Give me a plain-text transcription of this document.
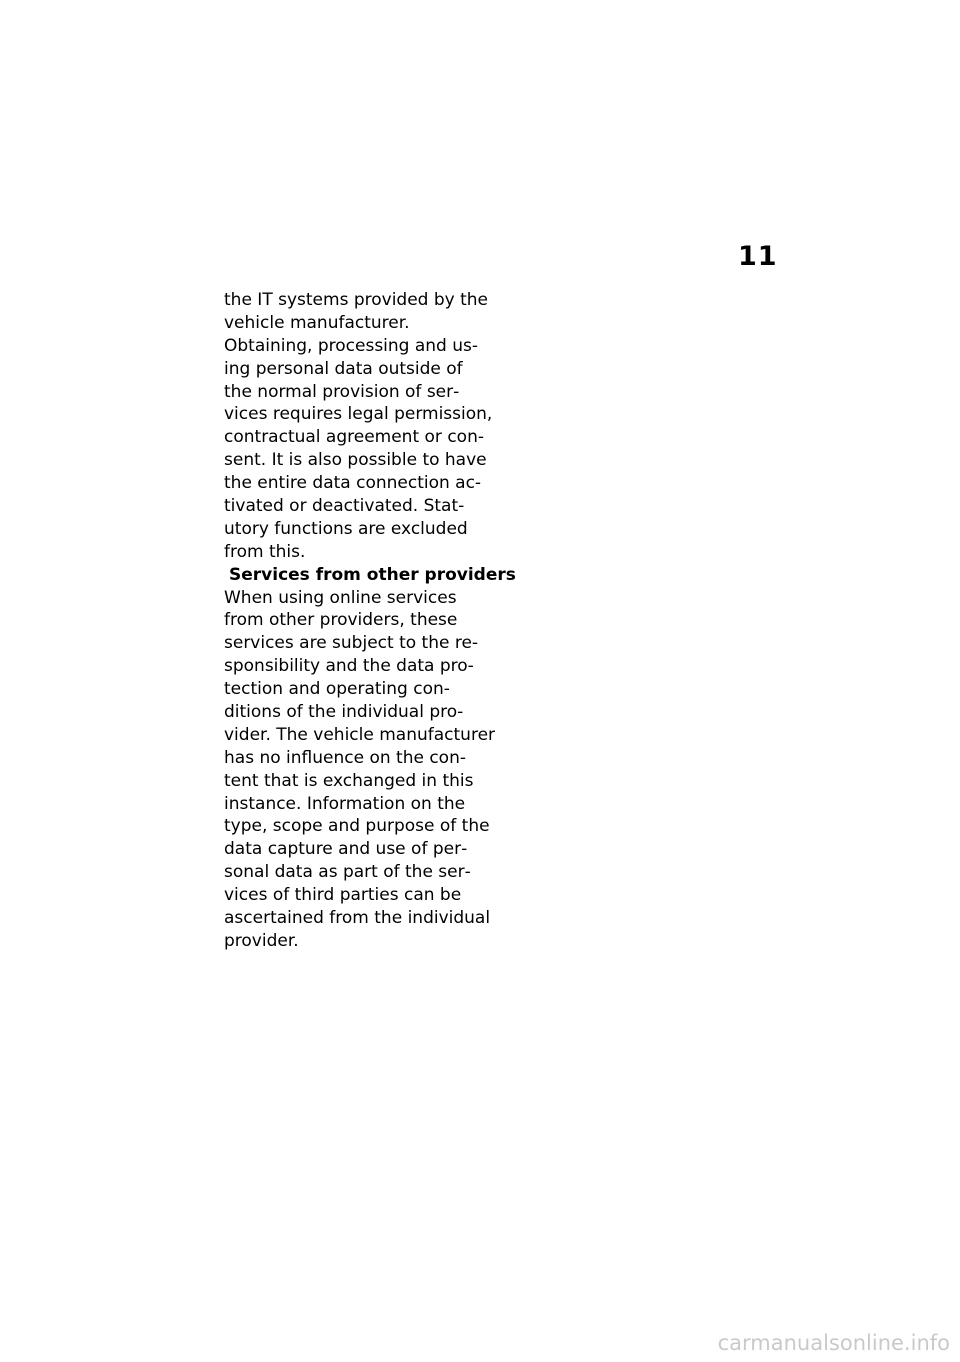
11
the IT systems provided by the
vehicle manufacturer.
Obtaining, processing and us‐
ing personal data outside of
the normal provision of ser‐
vices requires legal permission,
contractual agreement or con‐
sent. It is also possible to have
the entire data connection ac‐
tivated or deactivated. Stat‐
utory functions are excluded
from this.
Services from other providers
When using online services
from other providers, these
services are subject to the re‐
sponsibility and the data pro‐
tection and operating con‐
ditions of the individual pro‐
vider. The vehicle manufacturer
has no influence on the con‐
tent that is exchanged in this
instance. Information on the
type, scope and purpose of the
data capture and use of per‐
sonal data as part of the ser‐
vices of third parties can be
ascertained from the individual
provider.
carmanualsonline.info
